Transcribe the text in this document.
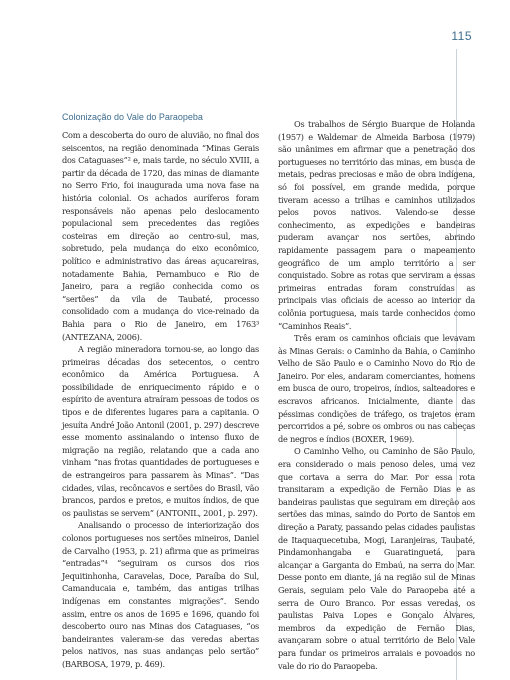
115
Colonização do Vale do Paraopeba

Com a descoberta do ouro de aluvião, no final dos seiscentos, na região denominada “Minas Gerais dos Cataguases”² e, mais tarde, no século XVIII, a partir da década de 1720, das minas de diamante no Serro Frio, foi inaugurada uma nova fase na história colonial. Os achados auríferos foram responsáveis não apenas pelo deslocamento populacional sem precedentes das regiões costeiras em direção ao centro-sul, mas, sobretudo, pela mudança do eixo econômico, político e administrativo das áreas açucareiras, notadamente Bahia, Pernambuco e Rio de Janeiro, para a região conhecida como os “sertões” da vila de Taubaté, processo consolidado com a mudança do vice-reinado da Bahia para o Rio de Janeiro, em 1763³ (ANTEZANA, 2006).

A região mineradora tornou-se, ao longo das primeiras décadas dos setecentos, o centro econômico da América Portuguesa. A possibilidade de enriquecimento rápido e o espírito de aventura atraíram pessoas de todos os tipos e de diferentes lugares para a capitania. O jesuíta André João Antonil (2001, p. 297) descreve esse momento assinalando o intenso fluxo de migração na região, relatando que a cada ano vinham “nas frotas quantidades de portugueses e de estrangeiros para passarem às Minas”. “Das cidades, vilas, recôncavos e sertões do Brasil, vão brancos, pardos e pretos, e muitos índios, de que os paulistas se servem” (ANTONIL, 2001, p. 297).

Analisando o processo de interiorização dos colonos portugueses nos sertões mineiros, Daniel de Carvalho (1953, p. 21) afirma que as primeiras “entradas”⁴ “seguiram os cursos dos rios Jequitinhonha, Caravelas, Doce, Paraíba do Sul, Camanducaia e, também, das antigas trilhas indígenas em constantes migrações”. Sendo assim, entre os anos de 1695 e 1696, quando foi descoberto ouro nas Minas dos Cataguases, “os bandeirantes valeram-se das veredas abertas pelos nativos, nas suas andanças pelo sertão” (BARBOSA, 1979, p. 469).

Os trabalhos de Sérgio Buarque de Holanda (1957) e Waldemar de Almeida Barbosa (1979) são unânimes em afirmar que a penetração dos portugueses no território das minas, em busca de metais, pedras preciosas e mão de obra indígena, só foi possível, em grande medida, porque tiveram acesso a trilhas e caminhos utilizados pelos povos nativos. Valendo-se desse conhecimento, as expedições e bandeiras puderam avançar nos sertões, abrindo rapidamente passagem para o mapeamento geográfico de um amplo território a ser conquistado. Sobre as rotas que serviram a essas primeiras entradas foram construídas as principais vias oficiais de acesso ao interior da colônia portuguesa, mais tarde conhecidos como “Caminhos Reais”.

Três eram os caminhos oficiais que levavam às Minas Gerais: o Caminho da Bahia, o Caminho Velho de São Paulo e o Caminho Novo do Rio de Janeiro. Por eles, andaram comerciantes, homens em busca de ouro, tropeiros, índios, salteadores e escravos africanos. Inicialmente, diante das péssimas condições de tráfego, os trajetos eram percorridos a pé, sobre os ombros ou nas cabeças de negros e índios (BOXER, 1969).

O Caminho Velho, ou Caminho de São Paulo, era considerado o mais penoso deles, uma vez que cortava a serra do Mar. Por essa rota transitaram a expedição de Fernão Dias e as bandeiras paulistas que seguiram em direção aos sertões das minas, saindo do Porto de Santos em direção a Paraty, passando pelas cidades paulistas de Itaquaquecetuba, Mogi, Laranjeiras, Taubaté, Pindamonhangaba e Guaratinguetá, para alcançar a Garganta do Embaú, na serra do Mar. Desse ponto em diante, já na região sul de Minas Gerais, seguiam pelo Vale do Paraopeba até a serra de Ouro Branco. Por essas veredas, os paulistas Paiva Lopes e Gonçalo Álvares, membros da expedição de Fernão Dias, avançaram sobre o atual território de Belo Vale para fundar os primeiros arraiais e povoados no vale do rio do Paraopeba.
